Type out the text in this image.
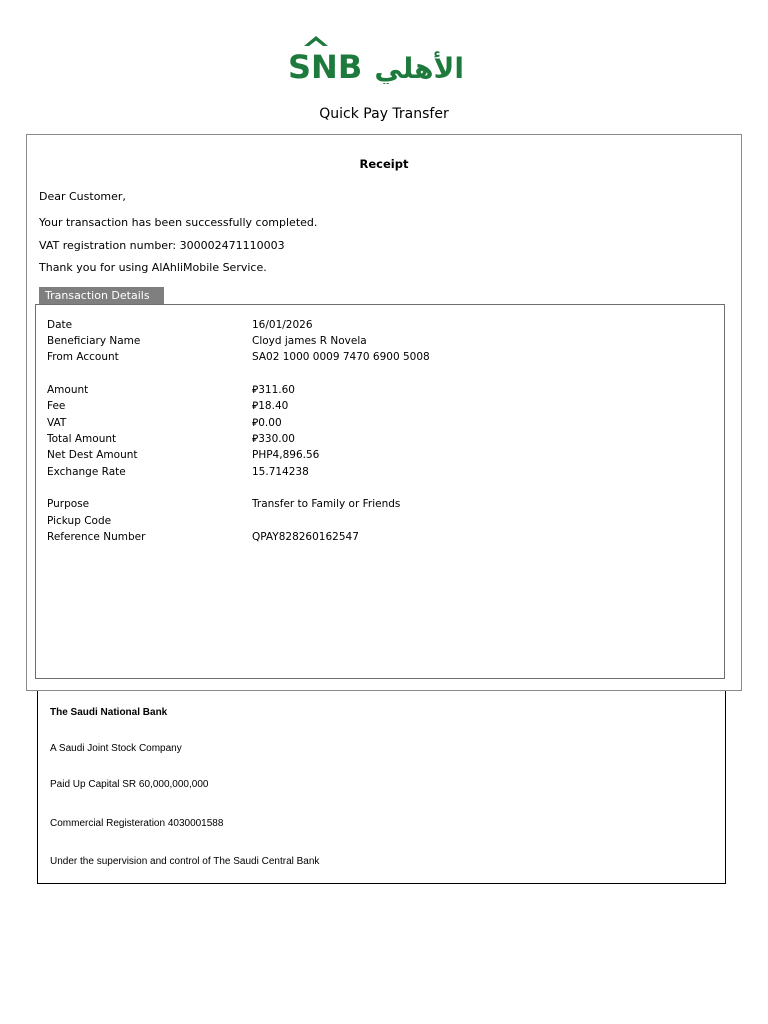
SNB الأهلي
Quick Pay Transfer
Receipt
Dear Customer,
Your transaction has been successfully completed.
VAT registration number: 300002471110003
Thank you for using AlAhliMobile Service.
Transaction Details
Date	16/01/2026
Beneficiary Name	Cloyd james R Novela
From Account	SA02 1000 0009 7470 6900 5008
Amount	⃁311.60
Fee	⃁18.40
VAT	⃁0.00
Total Amount	⃁330.00
Net Dest Amount	PHP4,896.56
Exchange Rate	15.714238
Purpose	Transfer to Family or Friends
Pickup Code
Reference Number	QPAY828260162547
The Saudi National Bank
A Saudi Joint Stock Company
Paid Up Capital SR 60,000,000,000
Commercial Registeration 4030001588
Under the supervision and control of The Saudi Central Bank
